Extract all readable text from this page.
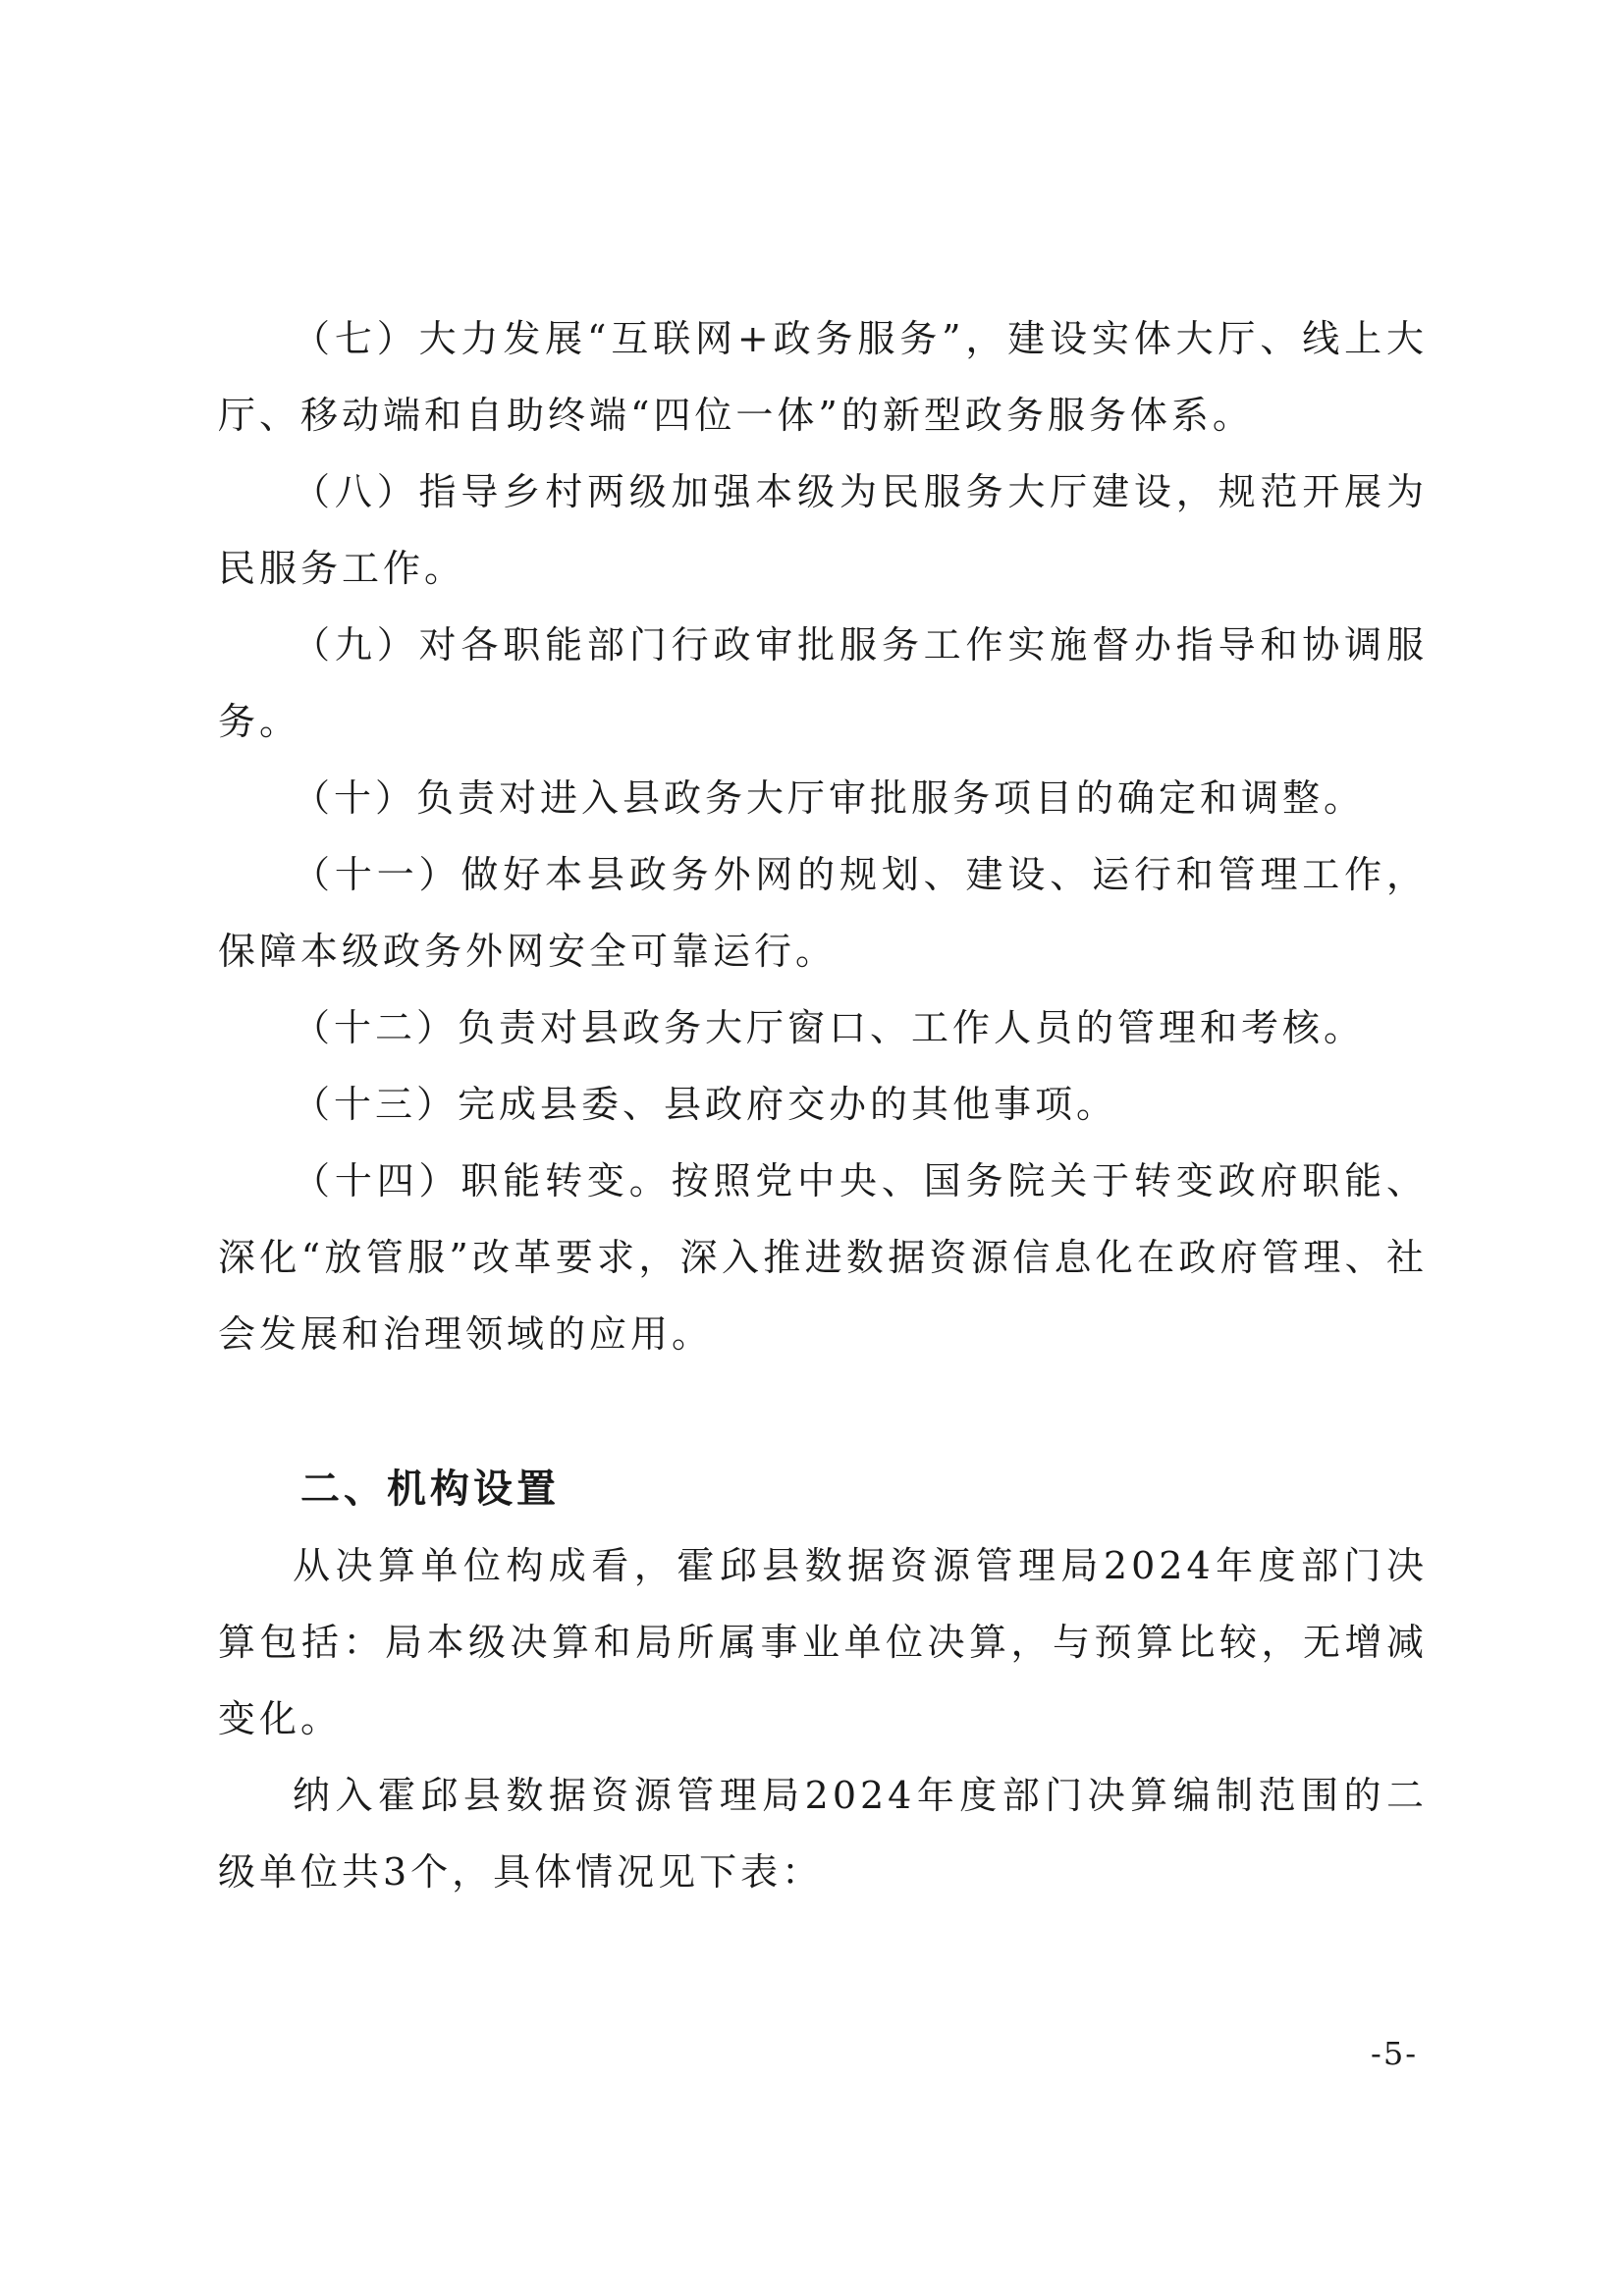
（七）大力发展“互联网+政务服务”，建设实体大厅、线上大厅、移动端和自助终端“四位一体”的新型政务服务体系。

（八）指导乡村两级加强本级为民服务大厅建设，规范开展为民服务工作。

（九）对各职能部门行政审批服务工作实施督办指导和协调服务。

（十）负责对进入县政务大厅审批服务项目的确定和调整。

（十一）做好本县政务外网的规划、建设、运行和管理工作，保障本级政务外网安全可靠运行。

（十二）负责对县政务大厅窗口、工作人员的管理和考核。

（十三）完成县委、县政府交办的其他事项。

（十四）职能转变。按照党中央、国务院关于转变政府职能、深化“放管服”改革要求，深入推进数据资源信息化在政府管理、社会发展和治理领域的应用。

二、机构设置

从决算单位构成看，霍邱县数据资源管理局2024年度部门决算包括：局本级决算和局所属事业单位决算，与预算比较，无增减变化。

纳入霍邱县数据资源管理局2024年度部门决算编制范围的二级单位共3个，具体情况见下表：

-5-
